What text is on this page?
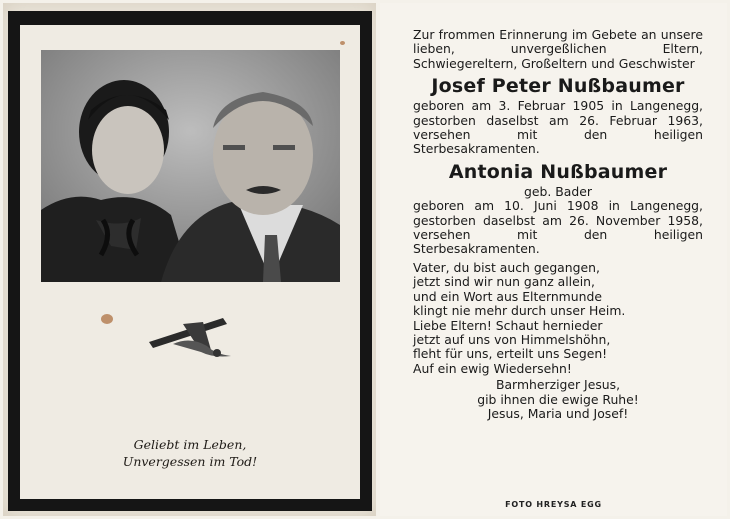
Geliebt im Leben,
Unvergessen im Tod!

Zur frommen Erinnerung im Gebete an unsere lieben, unvergeßlichen Eltern, Schwiegereltern, Großeltern und Geschwister

Josef Peter Nußbaumer

geboren am 3. Februar 1905 in Langenegg, gestorben daselbst am 26. Februar 1963, versehen mit den heiligen Sterbesakramenten.

Antonia Nußbaumer

geb. Bader

geboren am 10. Juni 1908 in Langenegg, gestorben daselbst am 26. November 1958, versehen mit den heiligen Sterbesakramenten.

Vater, du bist auch gegangen,
jetzt sind wir nun ganz allein,
und ein Wort aus Elternmunde
klingt nie mehr durch unser Heim.
Liebe Eltern! Schaut hernieder
jetzt auf uns von Himmelshöhn,
fleht für uns, erteilt uns Segen!
Auf ein ewig Wiedersehn!
Barmherziger Jesus,
gib ihnen die ewige Ruhe!
Jesus, Maria und Josef!
FOTO HREYSA EGG
